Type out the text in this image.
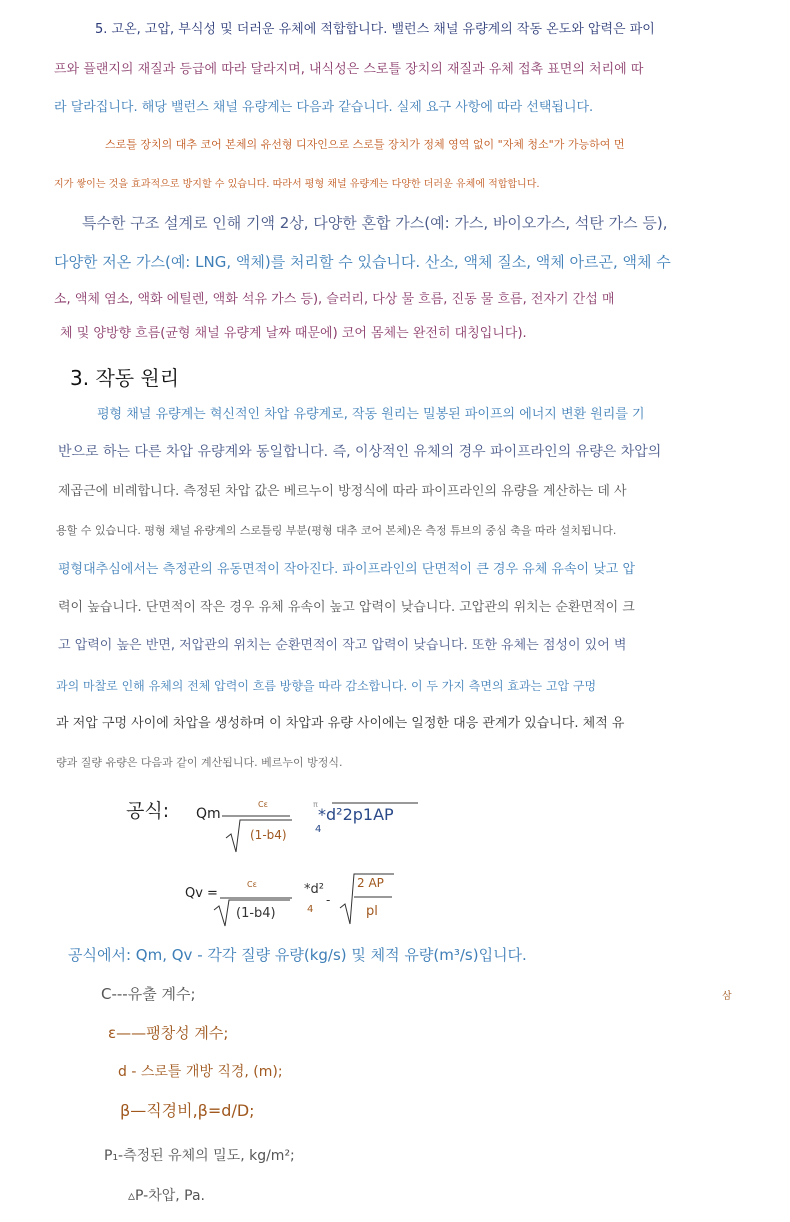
5. 고온, 고압, 부식성 및 더러운 유체에 적합합니다. 밸런스 채널 유량계의 작동 온도와 압력은 파이
프와 플랜지의 재질과 등급에 따라 달라지며, 내식성은 스로틀 장치의 재질과 유체 접촉 표면의 처리에 따
라 달라집니다. 해당 밸런스 채널 유량계는 다음과 같습니다. 실제 요구 사항에 따라 선택됩니다.
스로틀 장치의 대추 코어 본체의 유선형 디자인으로 스로틀 장치가 정체 영역 없이 "자체 청소"가 가능하여 먼
지가 쌓이는 것을 효과적으로 방지할 수 있습니다. 따라서 평형 채널 유량계는 다양한 더러운 유체에 적합합니다.
특수한 구조 설계로 인해 기액 2상, 다양한 혼합 가스(예: 가스, 바이오가스, 석탄 가스 등),
다양한 저온 가스(예: LNG, 액체)를 처리할 수 있습니다. 산소, 액체 질소, 액체 아르곤, 액체 수
소, 액체 염소, 액화 에틸렌, 액화 석유 가스 등), 슬러리, 다상 물 흐름, 진동 물 흐름, 전자기 간섭 매
체 및 양방향 흐름(균형 채널 유량계 날짜 때문에) 코어 몸체는 완전히 대칭입니다).
3. 작동 원리
평형 채널 유량계는 혁신적인 차압 유량계로, 작동 원리는 밀봉된 파이프의 에너지 변환 원리를 기
반으로 하는 다른 차압 유량계와 동일합니다. 즉, 이상적인 유체의 경우 파이프라인의 유량은 차압의
제곱근에 비례합니다. 측정된 차압 값은 베르누이 방정식에 따라 파이프라인의 유량을 계산하는 데 사
용할 수 있습니다. 평형 채널 유량계의 스로틀링 부분(평형 대추 코어 본체)은 측정 튜브의 중심 축을 따라 설치됩니다.
평형대추심에서는 측정관의 유동면적이 작아진다. 파이프라인의 단면적이 큰 경우 유체 유속이 낮고 압
력이 높습니다. 단면적이 작은 경우 유체 유속이 높고 압력이 낮습니다. 고압관의 위치는 순환면적이 크
고 압력이 높은 반면, 저압관의 위치는 순환면적이 작고 압력이 낮습니다. 또한 유체는 점성이 있어 벽
과의 마찰로 인해 유체의 전체 압력이 흐름 방향을 따라 감소합니다. 이 두 가지 측면의 효과는 고압 구멍
과 저압 구멍 사이에 차압을 생성하며 이 차압과 유량 사이에는 일정한 대응 관계가 있습니다. 체적 유
량과 질량 유량은 다음과 같이 계산됩니다. 베르누이 방정식.
공식: Qm
Cε
(1-b4)
π
*d²2p1AP
4
Qv =
Cε
(1-b4)
*d²
4
-
2 AP
pl
공식에서: Qm, Qv - 각각 질량 유량(kg/s) 및 체적 유량(m³/s)입니다.
삼
C---유출 계수;
ε——팽창성 계수;
d - 스로틀 개방 직경, (m);
β—직경비,β=d/D;
P₁-측정된 유체의 밀도, kg/m²;
▵P-차압, Pa.
